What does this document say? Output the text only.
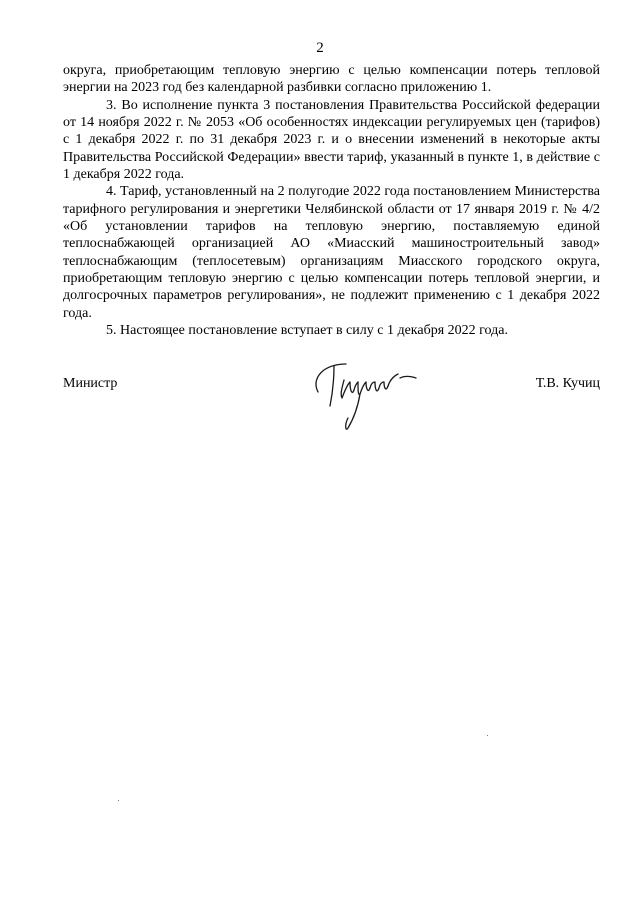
2

округа, приобретающим тепловую энергию с целью компенсации потерь тепловой энергии на 2023 год без календарной разбивки согласно приложению 1.

3. Во исполнение пункта 3 постановления Правительства Российской федерации от 14 ноября 2022 г. № 2053 «Об особенностях индексации регулируемых цен (тарифов) с 1 декабря 2022 г. по 31 декабря 2023 г. и о внесении изменений в некоторые акты Правительства Российской Федерации» ввести тариф, указанный в пункте 1, в действие с 1 декабря 2022 года.

4. Тариф, установленный на 2 полугодие 2022 года постановлением Министерства тарифного регулирования и энергетики Челябинской области от 17 января 2019 г. № 4/2 «Об установлении тарифов на тепловую энергию, поставляемую единой теплоснабжающей организацией АО «Миасский машиностроительный завод» теплоснабжающим (теплосетевым) организациям Миасского городского округа, приобретающим тепловую энергию с целью компенсации потерь тепловой энергии, и долгосрочных параметров регулирования», не подлежит применению с 1 декабря 2022 года.

5. Настоящее постановление вступает в силу с 1 декабря 2022 года.

Министр	Т.В. Кучиц
